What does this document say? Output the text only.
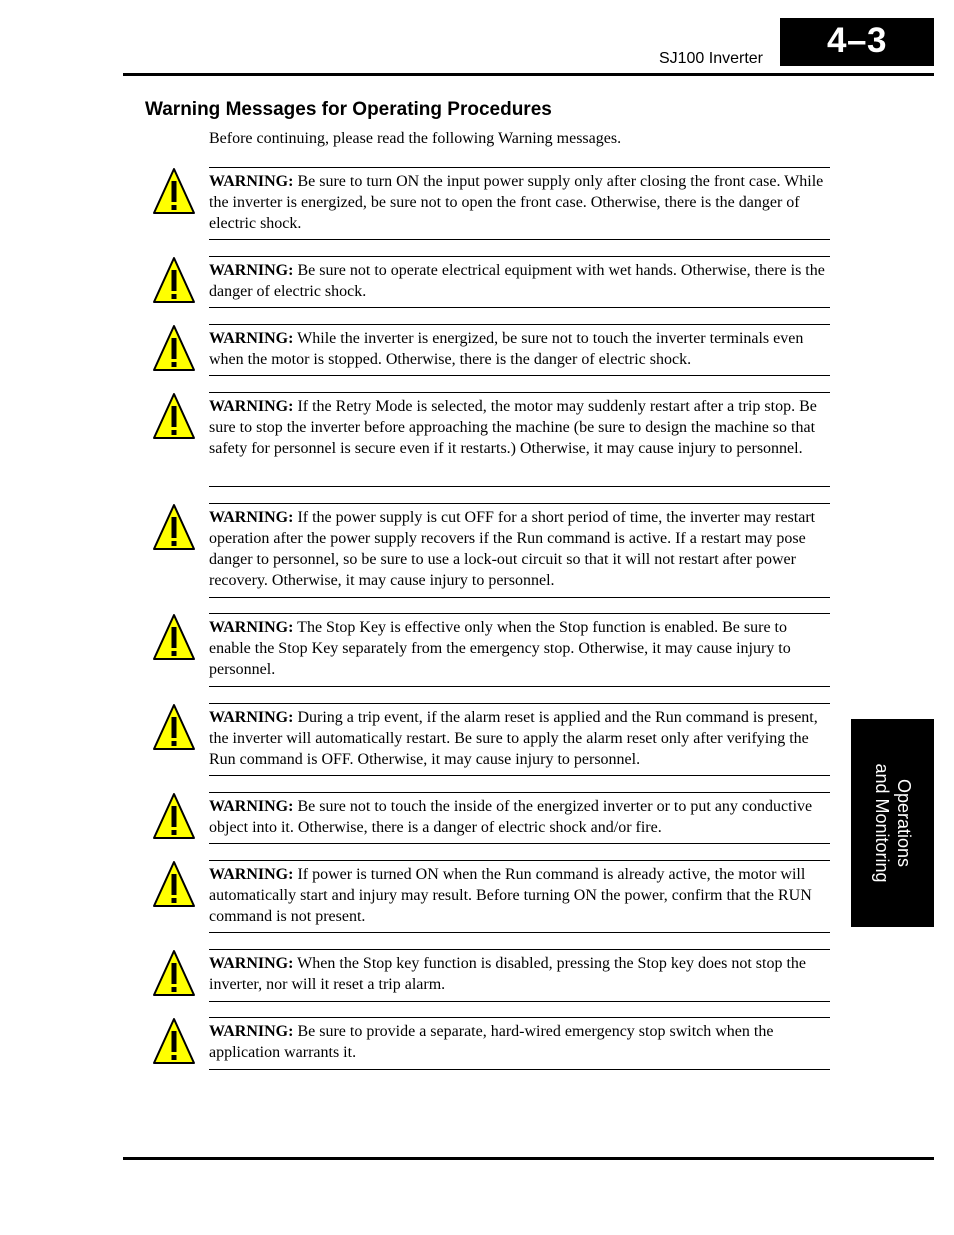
SJ100 Inverter	4–3
Warning Messages for Operating Procedures
Before continuing, please read the following Warning messages.
WARNING: Be sure to turn ON the input power supply only after closing the front case. While the inverter is energized, be sure not to open the front case. Otherwise, there is the danger of electric shock.
WARNING: Be sure not to operate electrical equipment with wet hands. Otherwise, there is the danger of electric shock.
WARNING: While the inverter is energized, be sure not to touch the inverter terminals even when the motor is stopped. Otherwise, there is the danger of electric shock.
WARNING: If the Retry Mode is selected, the motor may suddenly restart after a trip stop. Be sure to stop the inverter before approaching the machine (be sure to design the machine so that safety for personnel is secure even if it restarts.) Otherwise, it may cause injury to personnel.
WARNING: If the power supply is cut OFF for a short period of time, the inverter may restart operation after the power supply recovers if the Run command is active. If a restart may pose danger to personnel, so be sure to use a lock-out circuit so that it will not restart after power recovery. Otherwise, it may cause injury to personnel.
WARNING: The Stop Key is effective only when the Stop function is enabled. Be sure to enable the Stop Key separately from the emergency stop. Otherwise, it may cause injury to personnel.
WARNING: During a trip event, if the alarm reset is applied and the Run command is present, the inverter will automatically restart. Be sure to apply the alarm reset only after verifying the Run command is OFF. Otherwise, it may cause injury to personnel.
WARNING: Be sure not to touch the inside of the energized inverter or to put any conductive object into it. Otherwise, there is a danger of electric shock and/or fire.
WARNING: If power is turned ON when the Run command is already active, the motor will automatically start and injury may result. Before turning ON the power, confirm that the RUN command is not present.
WARNING: When the Stop key function is disabled, pressing the Stop key does not stop the inverter, nor will it reset a trip alarm.
WARNING: Be sure to provide a separate, hard-wired emergency stop switch when the application warrants it.
Operations
and Monitoring
